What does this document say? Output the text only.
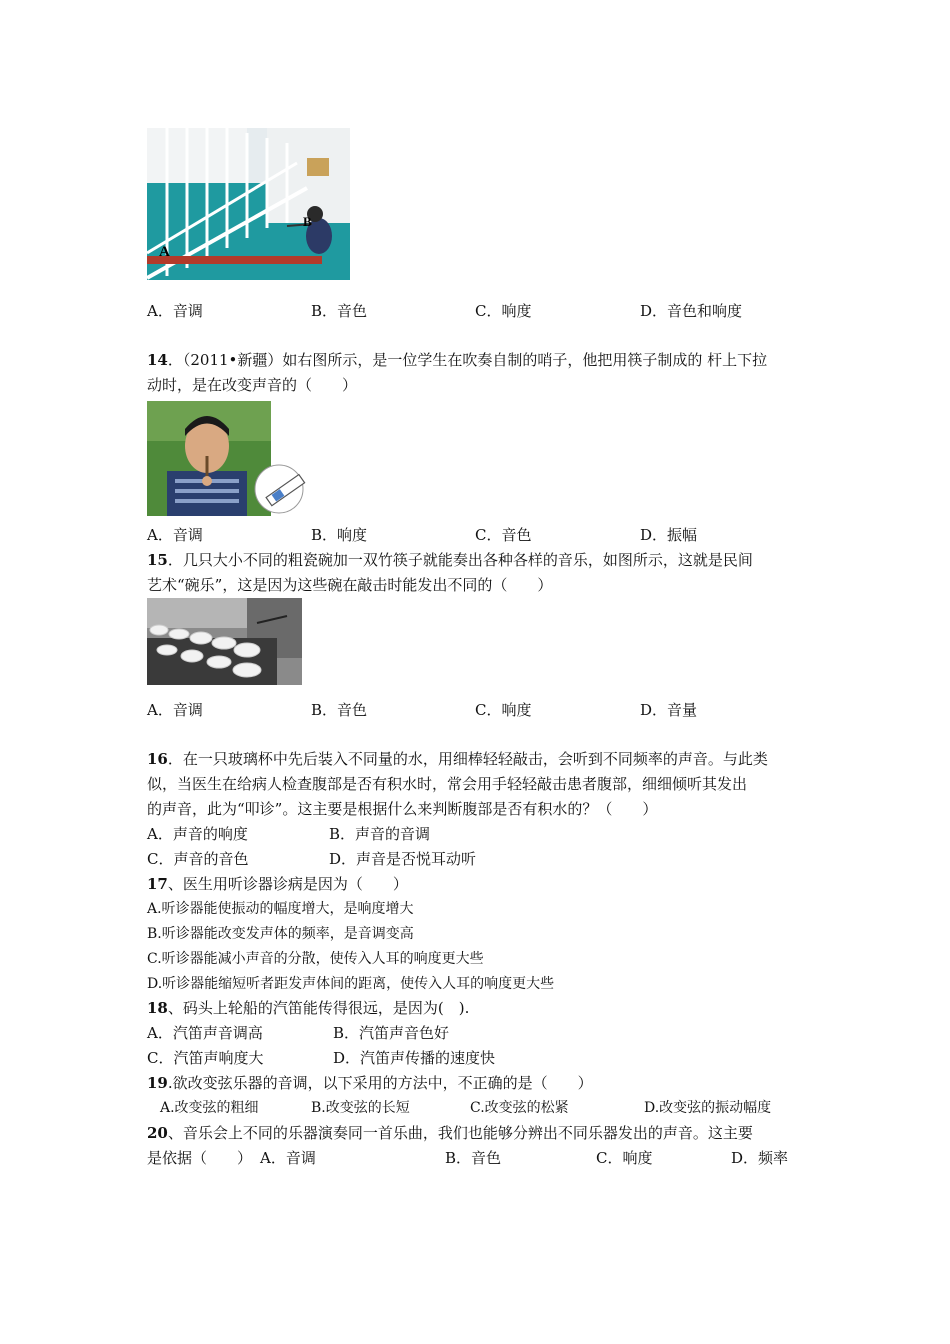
A
B
A．音调	B．音色	C．响度	D．音色和响度
14．（2011•新疆）如右图所示，是一位学生在吹奏自制的哨子，他把用筷子制成的 杆上下拉
动时，是在改变声音的（　　）
A．音调	B．响度	C．音色	D．振幅
15．几只大小不同的粗瓷碗加一双竹筷子就能奏出各种各样的音乐，如图所示，这就是民间
艺术“碗乐”，这是因为这些碗在敲击时能发出不同的（　　）
A．音调	B．音色	C．响度	D．音量
16．在一只玻璃杯中先后装入不同量的水，用细棒轻轻敲击，会听到不同频率的声音。与此类
似，当医生在给病人检查腹部是否有积水时，常会用手轻轻敲击患者腹部，细细倾听其发出
的声音，此为“叩诊”。这主要是根据什么来判断腹部是否有积水的？（　　）
A．声音的响度	B．声音的音调
C．声音的音色	D．声音是否悦耳动听
17、医生用听诊器诊病是因为（　　）
A.听诊器能使振动的幅度增大，是响度增大
B.听诊器能改变发声体的频率，是音调变高
C.听诊器能减小声音的分散，使传入人耳的响度更大些
D.听诊器能缩短听者距发声体间的距离，使传入人耳的响度更大些
18、码头上轮船的汽笛能传得很远，是因为(　).
A．汽笛声音调高	B．汽笛声音色好
C．汽笛声响度大	D．汽笛声传播的速度快
19.欲改变弦乐器的音调，以下采用的方法中，不正确的是（　　）
A.改变弦的粗细	B.改变弦的长短	C.改变弦的松紧	D.改变弦的振动幅度
20、音乐会上不同的乐器演奏同一首乐曲，我们也能够分辨出不同乐器发出的声音。这主要
是依据（　　） A．音调	B．音色	C．响度	D．频率
